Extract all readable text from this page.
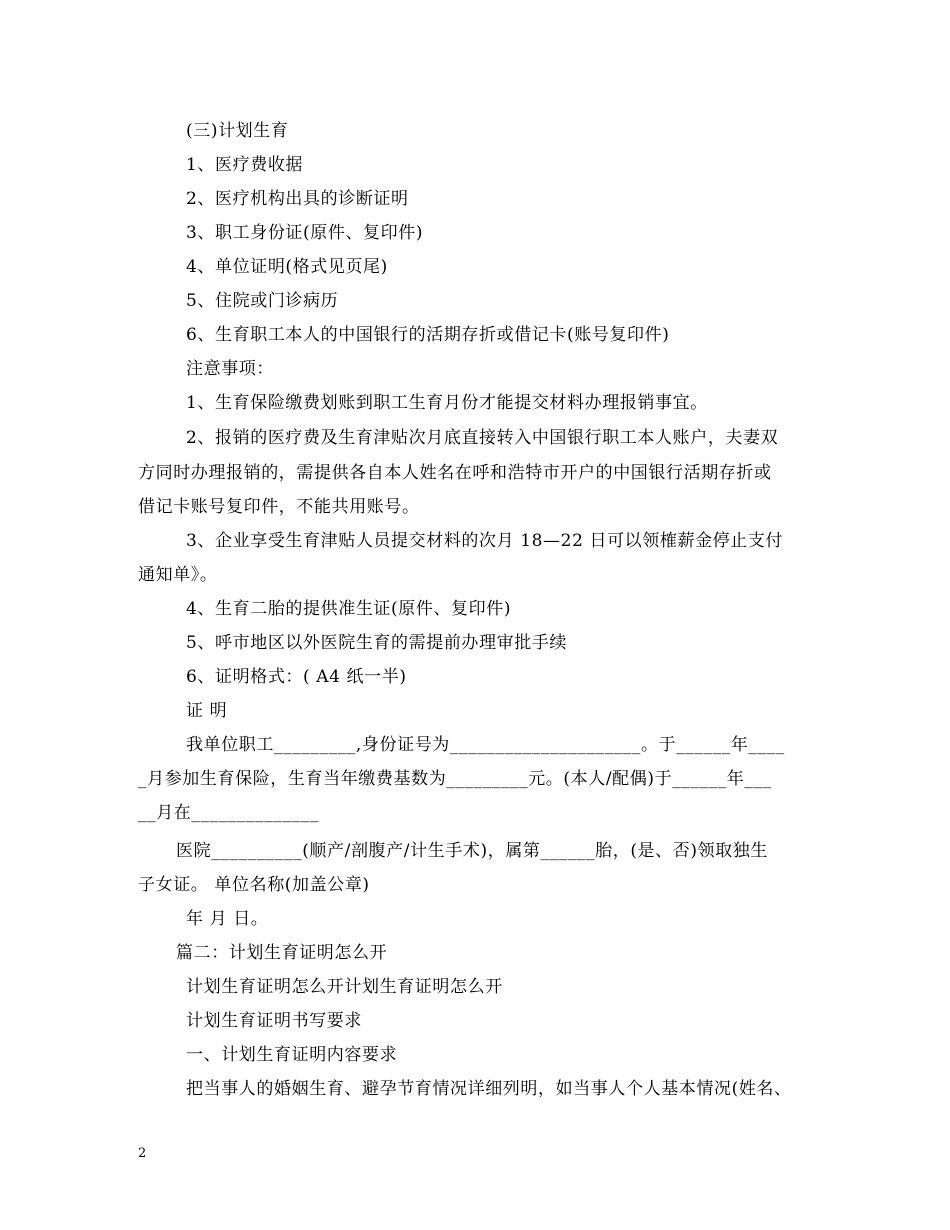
(三)计划生育
1、医疗费收据
2、医疗机构出具的诊断证明
3、职工身份证(原件、复印件)
4、单位证明(格式见页尾)
5、住院或门诊病历
6、生育职工本人的中国银行的活期存折或借记卡(账号复印件)
注意事项：
1、生育保险缴费划账到职工生育月份才能提交材料办理报销事宜。
2、报销的医疗费及生育津贴次月底直接转入中国银行职工本人账户，夫妻双
方同时办理报销的，需提供各自本人姓名在呼和浩特市开户的中国银行活期存折或
借记卡账号复印件，不能共用账号。
3、企业享受生育津贴人员提交材料的次月 18—22 日可以领榷薪金停止支付
通知单》。
4、生育二胎的提供准生证(原件、复印件)
5、呼市地区以外医院生育的需提前办理审批手续
6、证明格式：( A4 纸一半)
证 明
我单位职工_________,身份证号为_____________________。于______年____
_月参加生育保险，生育当年缴费基数为_________元。(本人/配偶)于______年___
__月在______________
医院__________(顺产/剖腹产/计生手术)，属第______胎，(是、否)领取独生
子女证。 单位名称(加盖公章)
年 月 日。
篇二：计划生育证明怎么开
计划生育证明怎么开计划生育证明怎么开
计划生育证明书写要求
一、计划生育证明内容要求
把当事人的婚姻生育、避孕节育情况详细列明，如当事人个人基本情况(姓名、
2
